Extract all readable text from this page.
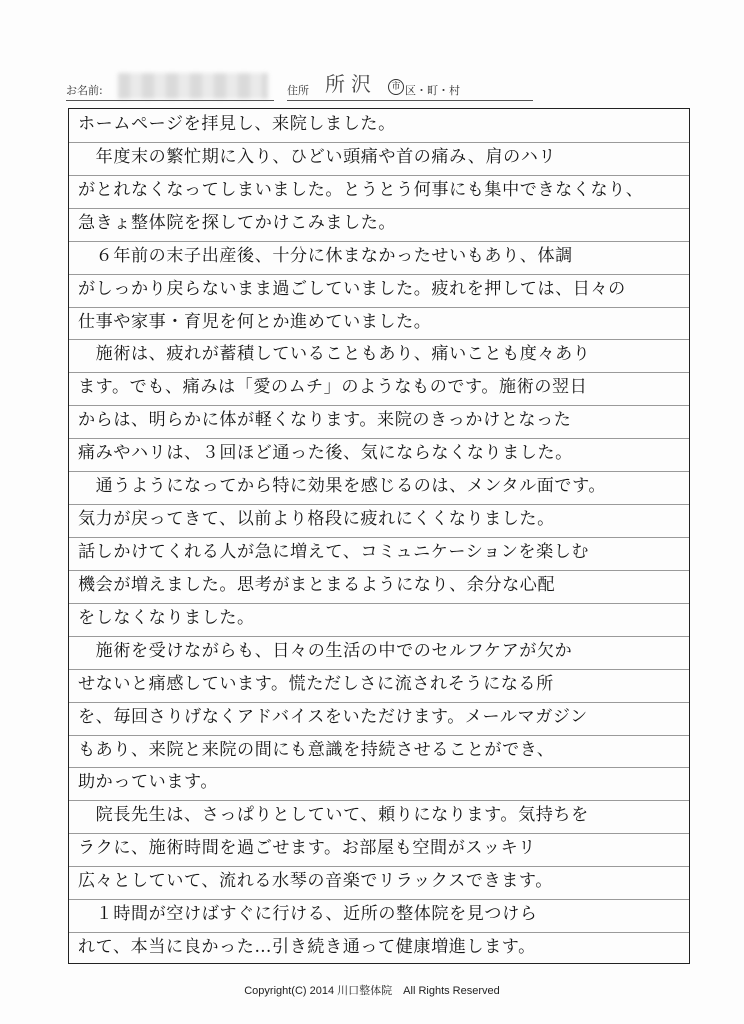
お名前:	住所 所沢	市 区・町・村
ホームページを拝見し、来院しました。
　年度末の繁忙期に入り、ひどい頭痛や首の痛み、肩のハリ
がとれなくなってしまいました。とうとう何事にも集中できなくなり、
急きょ整体院を探してかけこみました。
　６年前の末子出産後、十分に休まなかったせいもあり、体調
がしっかり戻らないまま過ごしていました。疲れを押しては、日々の
仕事や家事・育児を何とか進めていました。
　施術は、疲れが蓄積していることもあり、痛いことも度々あり
ます。でも、痛みは「愛のムチ」のようなものです。施術の翌日
からは、明らかに体が軽くなります。来院のきっかけとなった
痛みやハリは、３回ほど通った後、気にならなくなりました。
　通うようになってから特に効果を感じるのは、メンタル面です。
気力が戻ってきて、以前より格段に疲れにくくなりました。
話しかけてくれる人が急に増えて、コミュニケーションを楽しむ
機会が増えました。思考がまとまるようになり、余分な心配
をしなくなりました。
　施術を受けながらも、日々の生活の中でのセルフケアが欠か
せないと痛感しています。慌ただしさに流されそうになる所
を、毎回さりげなくアドバイスをいただけます。メールマガジン
もあり、来院と来院の間にも意識を持続させることができ、
助かっています。
　院長先生は、さっぱりとしていて、頼りになります。気持ちを
ラクに、施術時間を過ごせます。お部屋も空間がスッキリ
広々としていて、流れる水琴の音楽でリラックスできます。
　１時間が空けばすぐに行ける、近所の整体院を見つけら
れて、本当に良かった…引き続き通って健康増進します。
Copyright(C) 2014 川口整体院　All Rights Reserved
